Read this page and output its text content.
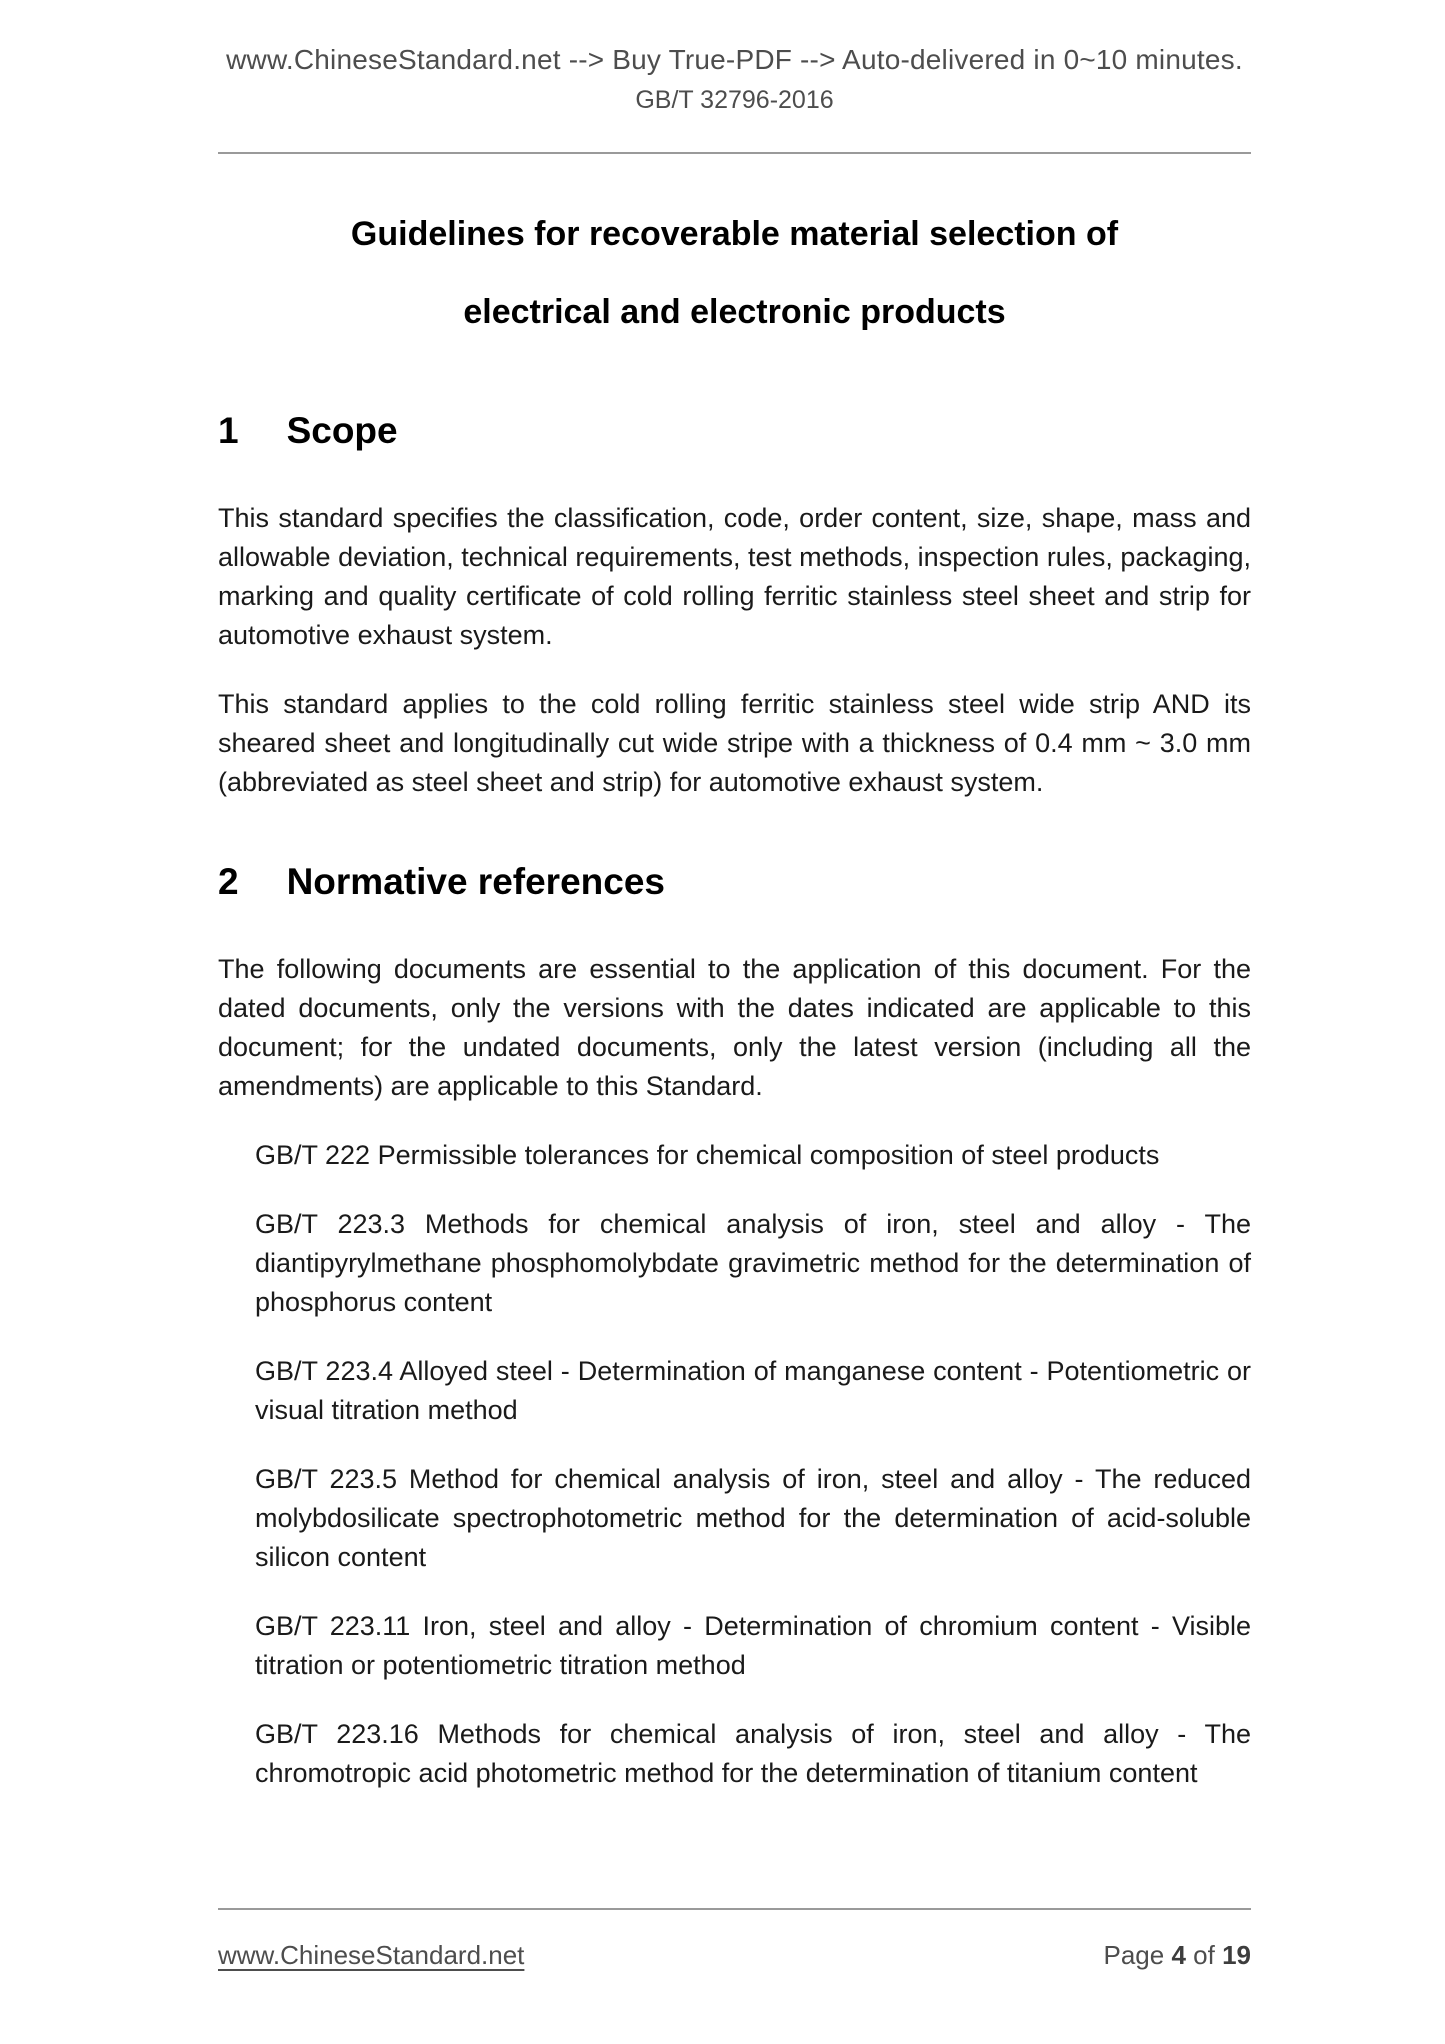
www.ChineseStandard.net --> Buy True-PDF --> Auto-delivered in 0~10 minutes.
GB/T 32796-2016
Guidelines for recoverable material selection of
electrical and electronic products
1 Scope

This standard specifies the classification, code, order content, size, shape, mass and allowable deviation, technical requirements, test methods, inspection rules, packaging, marking and quality certificate of cold rolling ferritic stainless steel sheet and strip for automotive exhaust system.

This standard applies to the cold rolling ferritic stainless steel wide strip AND its sheared sheet and longitudinally cut wide stripe with a thickness of 0.4 mm ~ 3.0 mm (abbreviated as steel sheet and strip) for automotive exhaust system.

2 Normative references

The following documents are essential to the application of this document. For the dated documents, only the versions with the dates indicated are applicable to this document; for the undated documents, only the latest version (including all the amendments) are applicable to this Standard.

GB/T 222 Permissible tolerances for chemical composition of steel products

GB/T 223.3 Methods for chemical analysis of iron, steel and alloy - The diantipyrylmethane phosphomolybdate gravimetric method for the determination of phosphorus content

GB/T 223.4 Alloyed steel - Determination of manganese content - Potentiometric or visual titration method

GB/T 223.5 Method for chemical analysis of iron, steel and alloy - The reduced molybdosilicate spectrophotometric method for the determination of acid-soluble silicon content

GB/T 223.11 Iron, steel and alloy - Determination of chromium content - Visible titration or potentiometric titration method

GB/T 223.16 Methods for chemical analysis of iron, steel and alloy - The chromotropic acid photometric method for the determination of titanium content

www.ChineseStandard.net	Page 4 of 19
